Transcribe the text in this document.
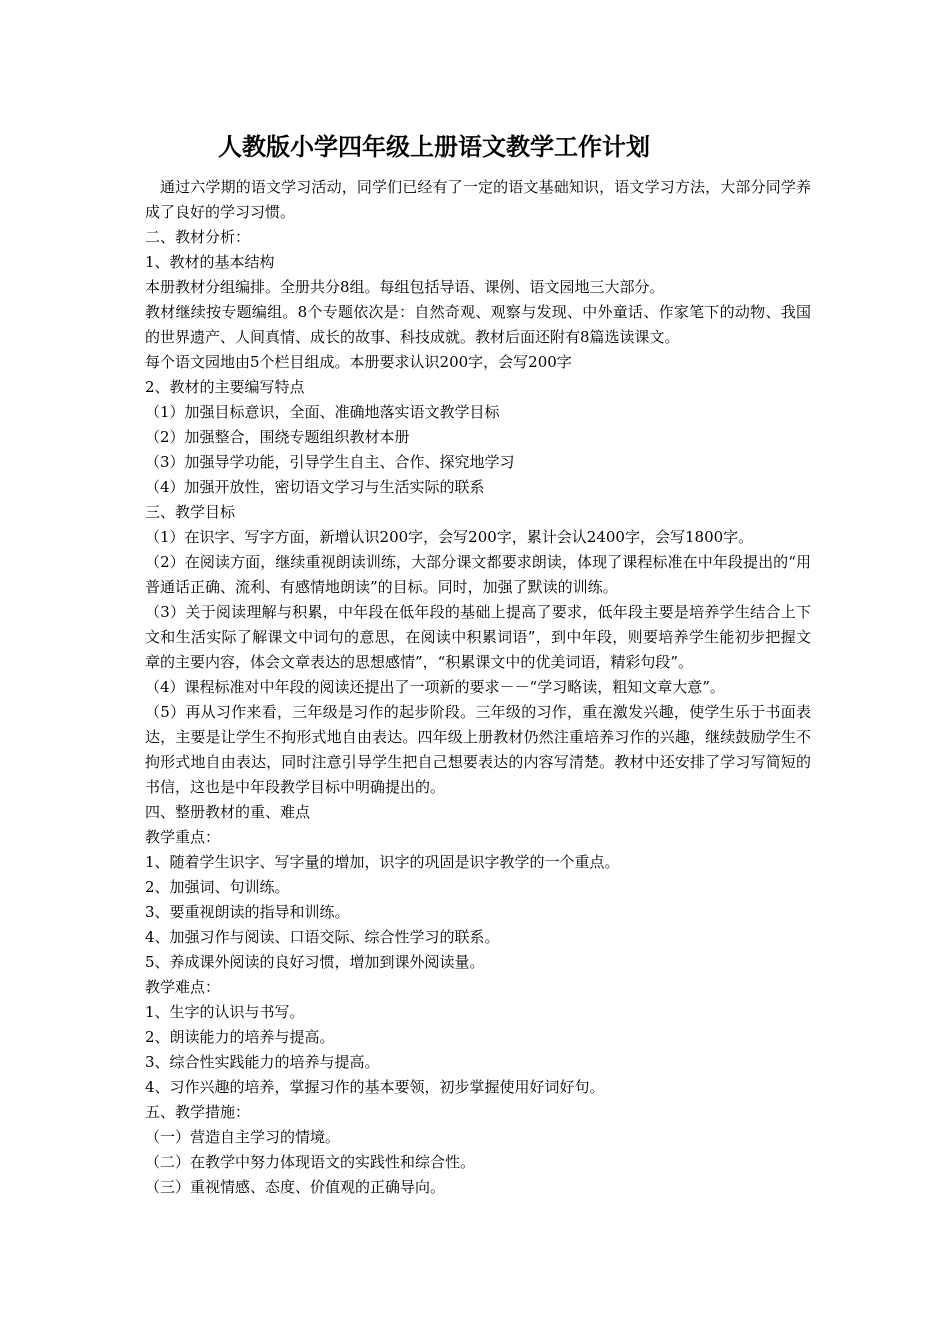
人教版小学四年级上册语文教学工作计划

通过六学期的语文学习活动，同学们已经有了一定的语文基础知识，语文学习方法，大部分同学养成了良好的学习习惯。

二、教材分析：

1、教材的基本结构

本册教材分组编排。全册共分8组。每组包括导语、课例、语文园地三大部分。

教材继续按专题编组。8个专题依次是：自然奇观、观察与发现、中外童话、作家笔下的动物、我国的世界遗产、人间真情、成长的故事、科技成就。教材后面还附有8篇选读课文。

每个语文园地由5个栏目组成。本册要求认识200字，会写200字

2、教材的主要编写特点

（1）加强目标意识，全面、准确地落实语文教学目标

（2）加强整合，围绕专题组织教材本册

（3）加强导学功能，引导学生自主、合作、探究地学习

（4）加强开放性，密切语文学习与生活实际的联系

三、教学目标

（1）在识字、写字方面，新增认识200字，会写200字，累计会认2400字，会写1800字。

（2）在阅读方面，继续重视朗读训练，大部分课文都要求朗读，体现了课程标准在中年段提出的“用普通话正确、流利、有感情地朗读”的目标。同时，加强了默读的训练。

（3）关于阅读理解与积累，中年段在低年段的基础上提高了要求，低年段主要是培养学生结合上下文和生活实际了解课文中词句的意思，在阅读中积累词语”，到中年段，则要培养学生能初步把握文章的主要内容，体会文章表达的思想感情”，“积累课文中的优美词语，精彩句段”。

（4）课程标准对中年段的阅读还提出了一项新的要求－－“学习略读，粗知文章大意”。

（5）再从习作来看，三年级是习作的起步阶段。三年级的习作，重在激发兴趣，使学生乐于书面表达，主要是让学生不拘形式地自由表达。四年级上册教材仍然注重培养习作的兴趣，继续鼓励学生不拘形式地自由表达，同时注意引导学生把自己想要表达的内容写清楚。教材中还安排了学习写简短的书信，这也是中年段教学目标中明确提出的。

四、整册教材的重、难点

教学重点：

1、随着学生识字、写字量的增加，识字的巩固是识字教学的一个重点。

2、加强词、句训练。

3、要重视朗读的指导和训练。

4、加强习作与阅读、口语交际、综合性学习的联系。

5、养成课外阅读的良好习惯，增加到课外阅读量。

教学难点：

1、生字的认识与书写。

2、朗读能力的培养与提高。

3、综合性实践能力的培养与提高。

4、习作兴趣的培养，掌握习作的基本要领，初步掌握使用好词好句。

五、教学措施：

（一）营造自主学习的情境。

（二）在教学中努力体现语文的实践性和综合性。

（三）重视情感、态度、价值观的正确导向。
